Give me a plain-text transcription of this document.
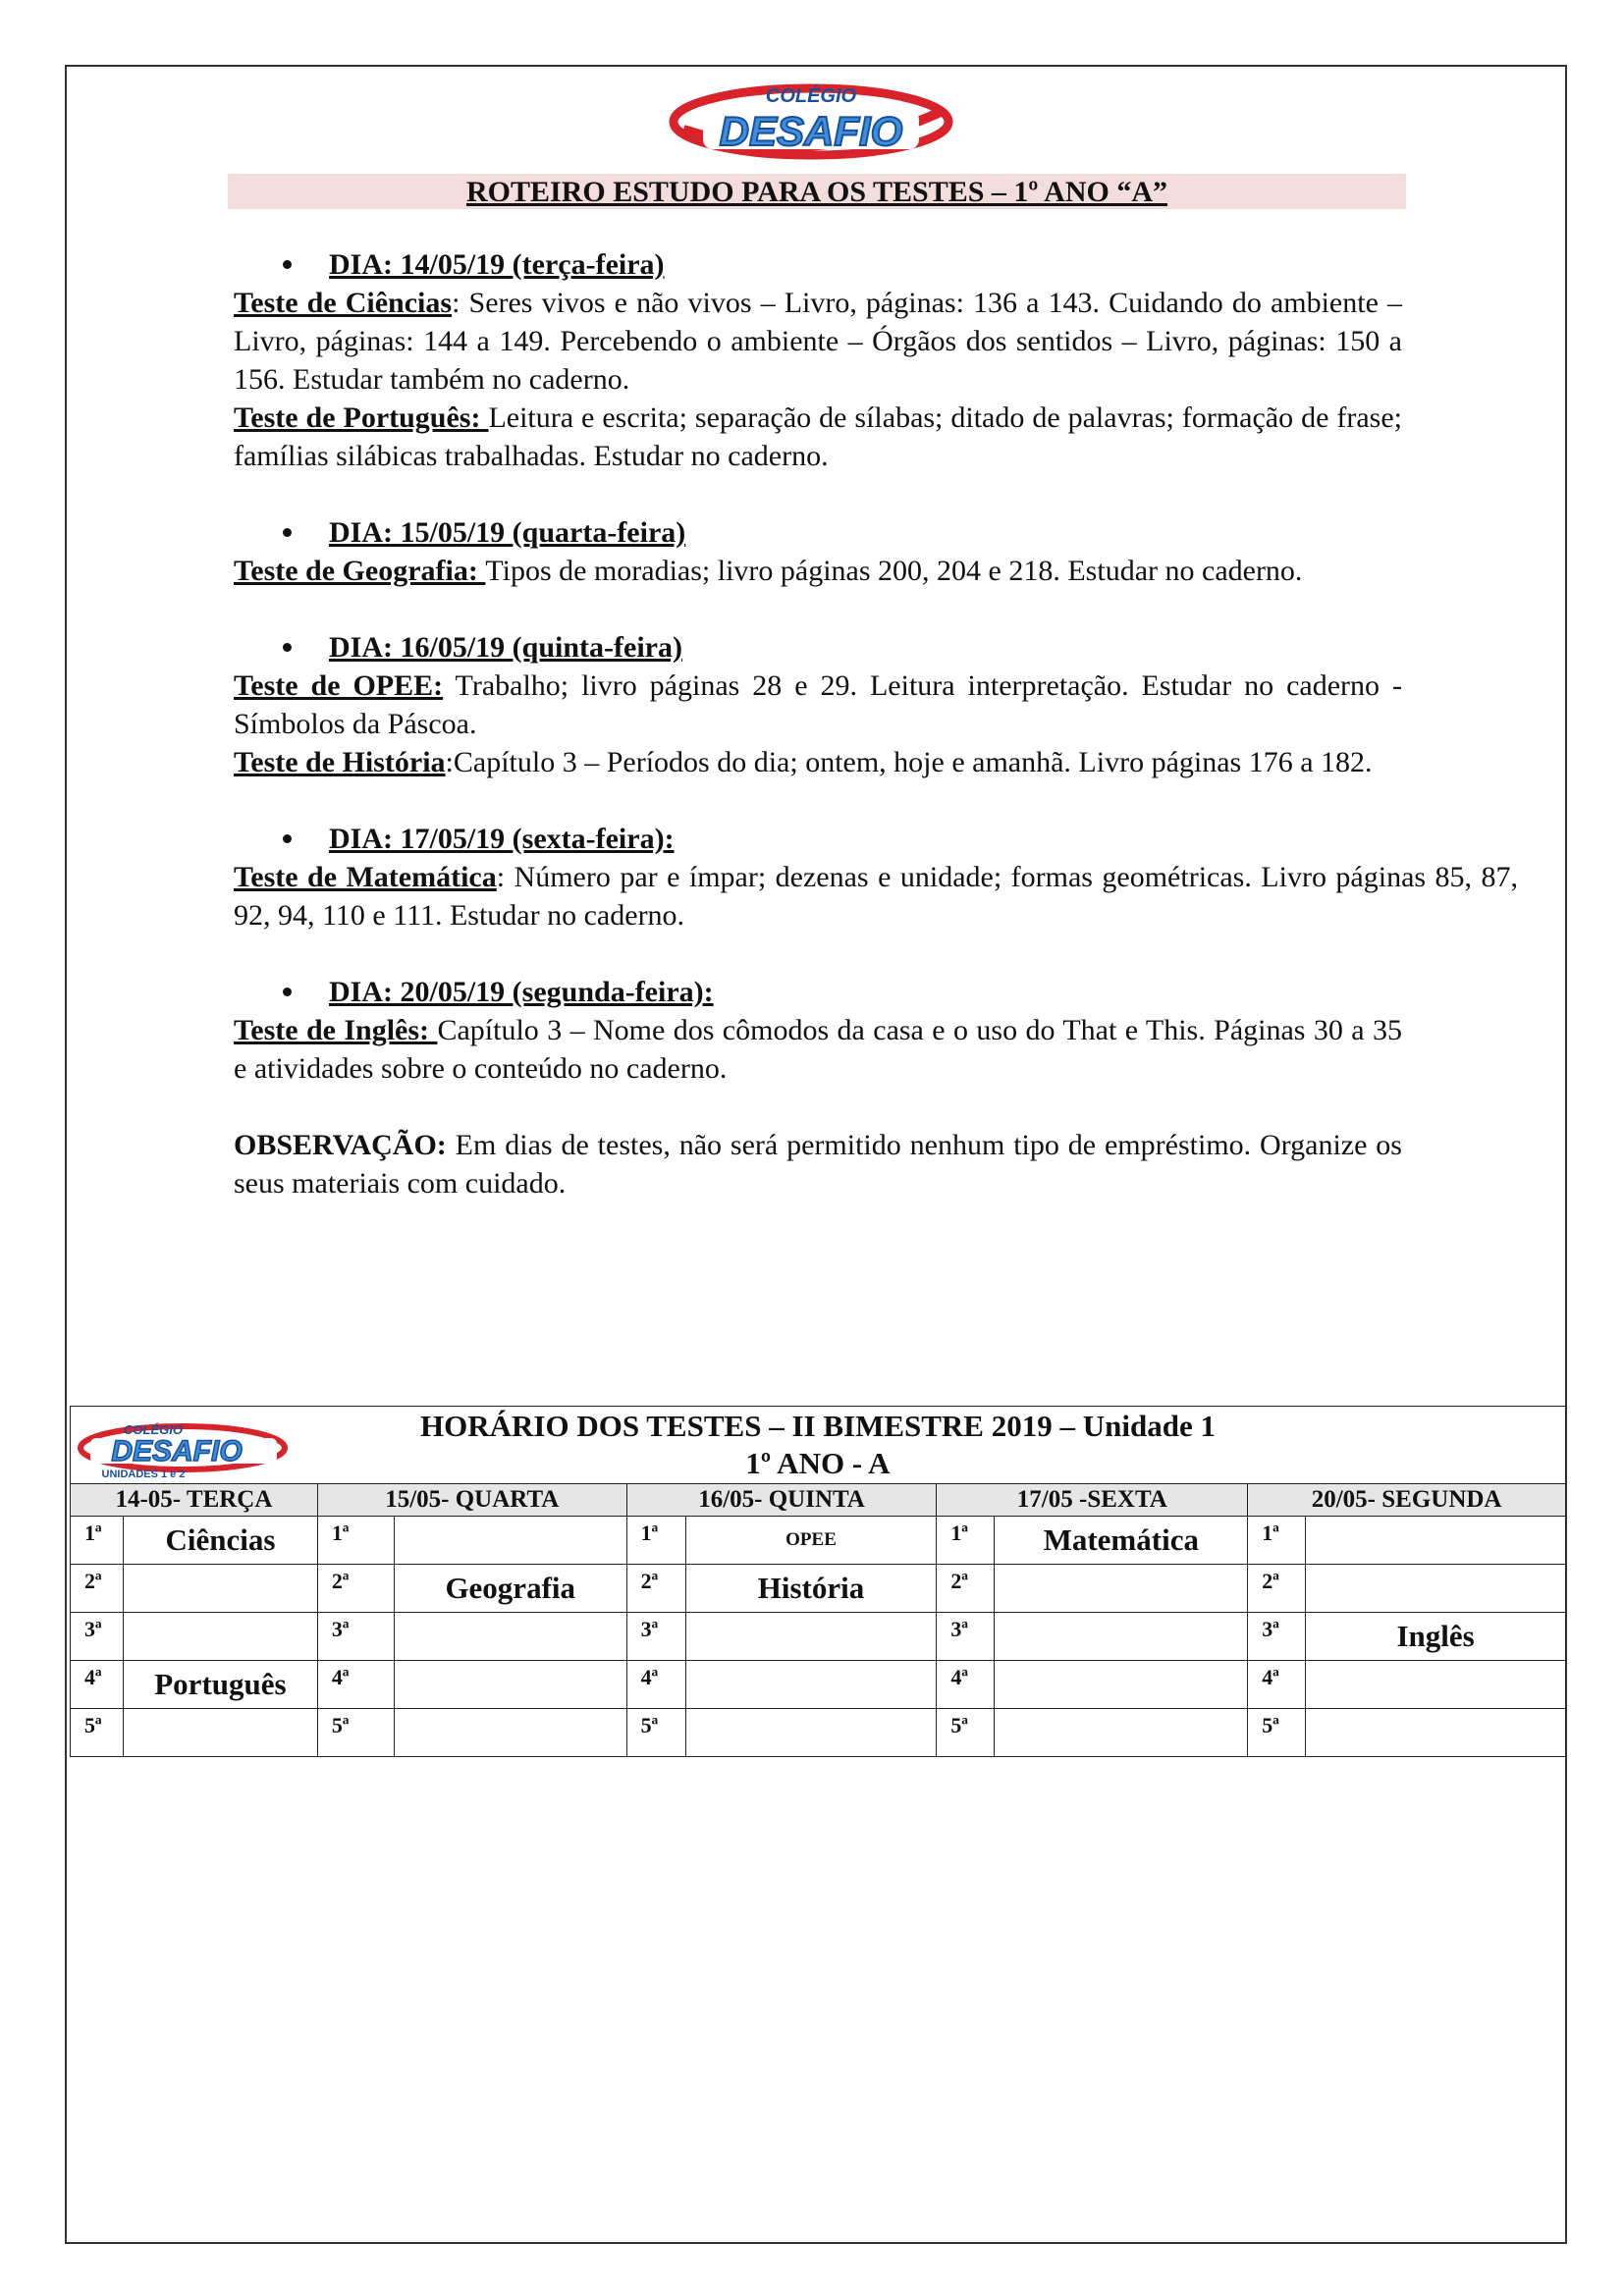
COLÉGIO
DESAFIO
ROTEIRO ESTUDO PARA OS TESTES – 1º ANO “A”
DIA: 14/05/19 (terça-feira)

Teste de Ciências: Seres vivos e não vivos – Livro, páginas: 136 a 143. Cuidando do ambiente – Livro, páginas: 144 a 149. Percebendo o ambiente – Órgãos dos sentidos – Livro, páginas: 150 a 156. Estudar também no caderno.

Teste de Português: Leitura e escrita; separação de sílabas; ditado de palavras; formação de frase; famílias silábicas trabalhadas. Estudar no caderno.

DIA: 15/05/19 (quarta-feira)

Teste de Geografia: Tipos de moradias; livro páginas 200, 204 e 218. Estudar no caderno.

DIA: 16/05/19 (quinta-feira)

Teste de OPEE: Trabalho; livro páginas 28 e 29. Leitura interpretação. Estudar no caderno - Símbolos da Páscoa.

Teste de História:Capítulo 3 – Períodos do dia; ontem, hoje e amanhã. Livro páginas 176 a 182.

DIA: 17/05/19 (sexta-feira):

Teste de Matemática: Número par e ímpar; dezenas e unidade; formas geométricas. Livro páginas 85, 87, 92, 94, 110 e 111. Estudar no caderno.

DIA: 20/05/19 (segunda-feira):

Teste de Inglês: Capítulo 3 – Nome dos cômodos da casa e o uso do That e This. Páginas 30 a 35 e atividades sobre o conteúdo no caderno.

OBSERVAÇÃO: Em dias de testes, não será permitido nenhum tipo de empréstimo. Organize os seus materiais com cuidado.

COLÉGIO
DESAFIO
UNIDADES 1 e 2
HORÁRIO DOS TESTES – II BIMESTRE 2019 – Unidade 1
1º ANO - A									

14-05- TERÇA		15/05- QUARTA		16/05- QUINTA		17/05 -SEXTA		20/05- SEGUNDA	
1ª	Ciências	1ª		1ª	OPEE	1ª	Matemática	1ª	
2ª		2ª	Geografia	2ª	História	2ª		2ª	
3ª		3ª		3ª		3ª		3ª	Inglês
4ª	Português	4ª		4ª		4ª		4ª	
5ª		5ª		5ª		5ª		5ª	
